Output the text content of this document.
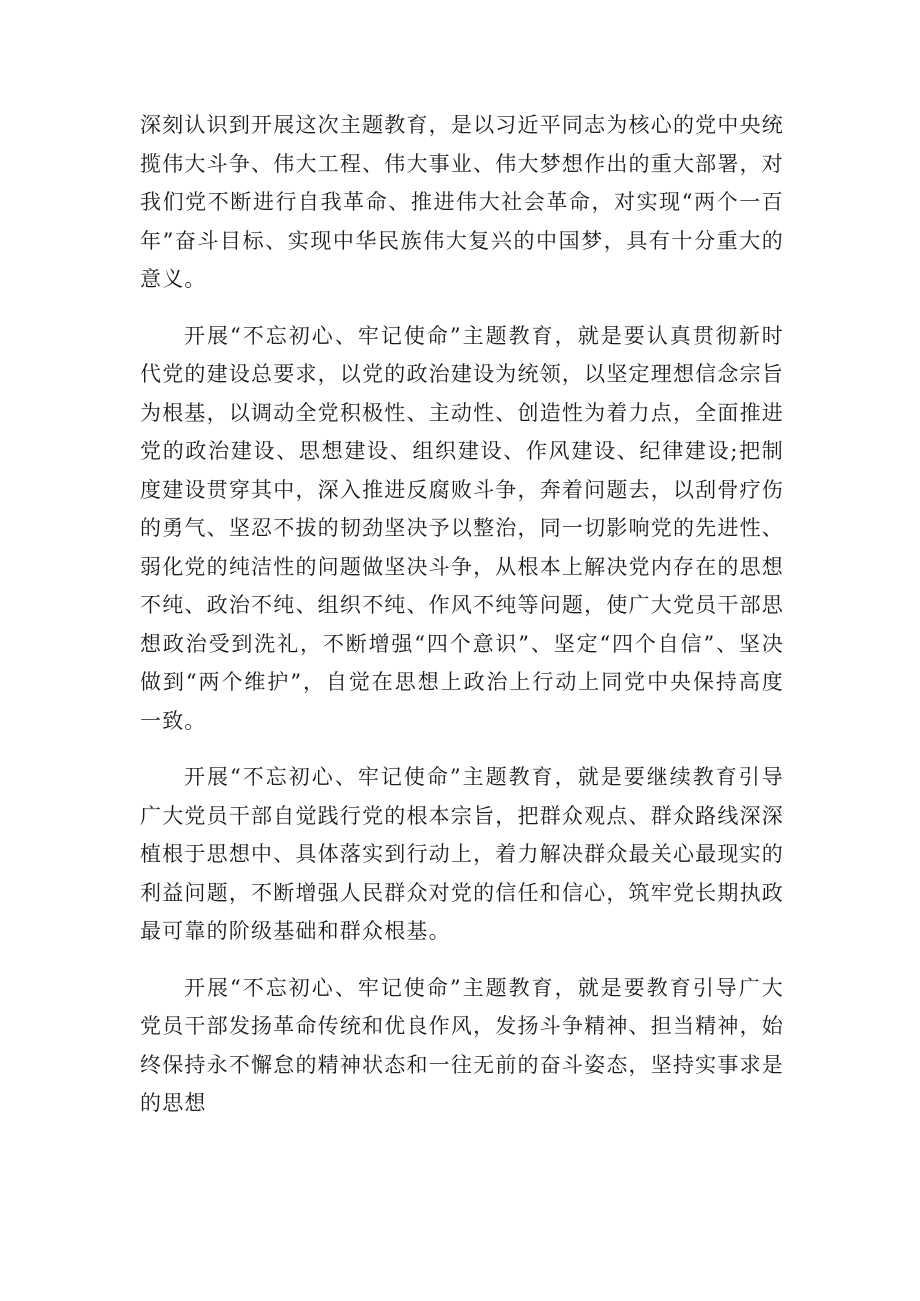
深刻认识到开展这次主题教育，是以习近平同志为核心的党中央统揽伟大斗争、伟大工程、伟大事业、伟大梦想作出的重大部署，对我们党不断进行自我革命、推进伟大社会革命，对实现“两个一百年”奋斗目标、实现中华民族伟大复兴的中国梦，具有十分重大的意义。

开展“不忘初心、牢记使命”主题教育，就是要认真贯彻新时代党的建设总要求，以党的政治建设为统领，以坚定理想信念宗旨为根基，以调动全党积极性、主动性、创造性为着力点，全面推进党的政治建设、思想建设、组织建设、作风建设、纪律建设;把制度建设贯穿其中，深入推进反腐败斗争，奔着问题去，以刮骨疗伤的勇气、坚忍不拔的韧劲坚决予以整治，同一切影响党的先进性、弱化党的纯洁性的问题做坚决斗争，从根本上解决党内存在的思想不纯、政治不纯、组织不纯、作风不纯等问题，使广大党员干部思想政治受到洗礼，不断增强“四个意识”、坚定“四个自信”、坚决做到“两个维护”，自觉在思想上政治上行动上同党中央保持高度一致。

开展“不忘初心、牢记使命”主题教育，就是要继续教育引导广大党员干部自觉践行党的根本宗旨，把群众观点、群众路线深深植根于思想中、具体落实到行动上，着力解决群众最关心最现实的利益问题，不断增强人民群众对党的信任和信心，筑牢党长期执政最可靠的阶级基础和群众根基。

开展“不忘初心、牢记使命”主题教育，就是要教育引导广大党员干部发扬革命传统和优良作风，发扬斗争精神、担当精神，始终保持永不懈怠的精神状态和一往无前的奋斗姿态，坚持实事求是的思想
